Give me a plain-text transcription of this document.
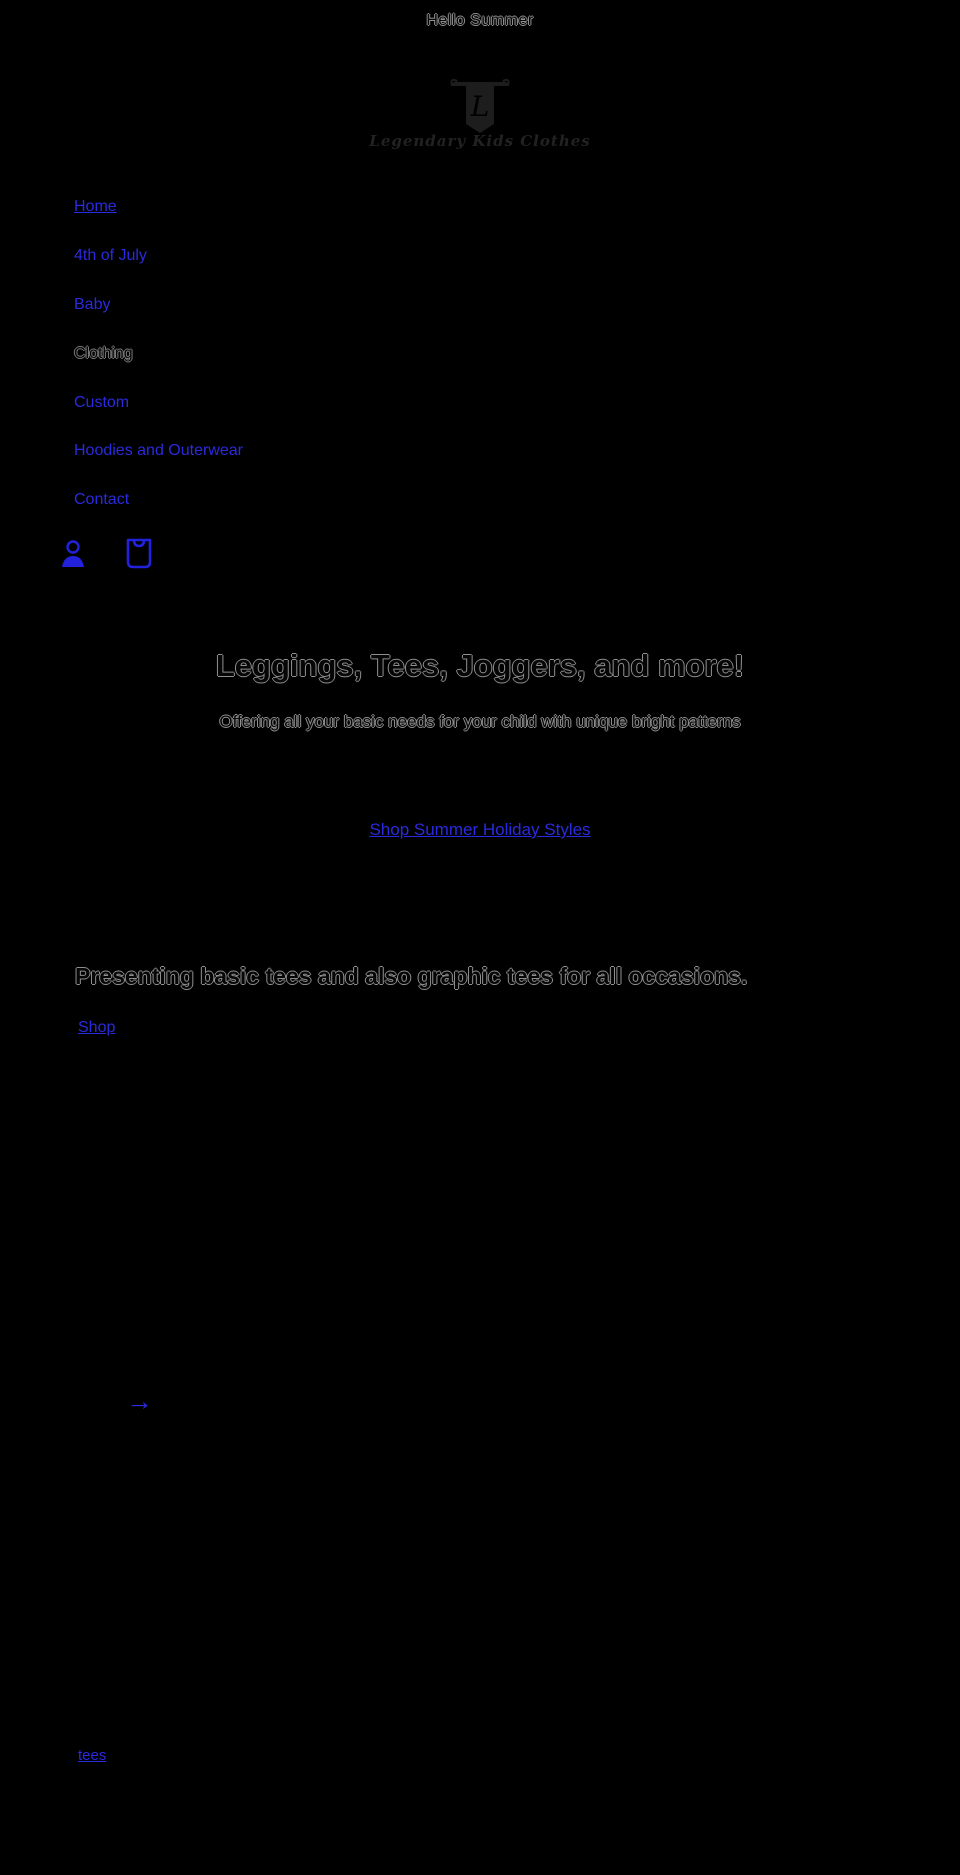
Hello Summer
L
Legendary Kids Clothes
Home
4th of July
Baby
Clothing
Custom
Hoodies and Outerwear
Contact
Leggings, Tees, Joggers, and more!
Offering all your basic needs for your child with unique bright patterns
Shop Summer Holiday Styles
Presenting basic tees and also graphic tees for all occasions.
Shop
→
tees
